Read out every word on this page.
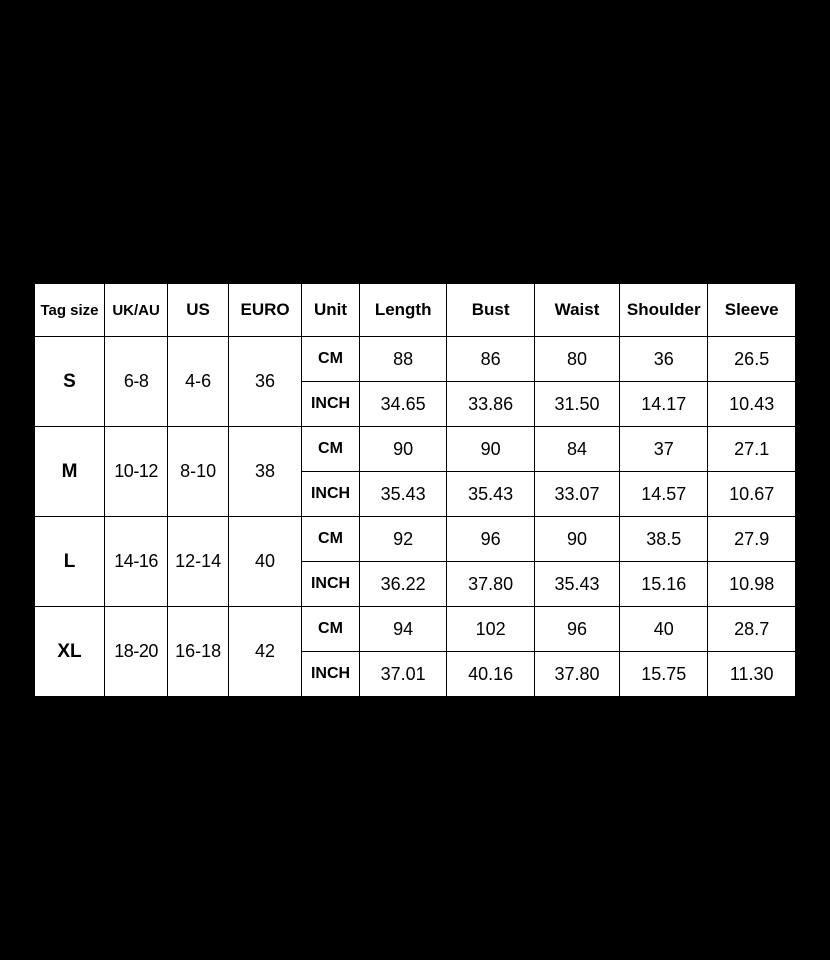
Tag size	UK/AU	US	EURO	Unit	Length	Bust	Waist	Shoulder	Sleeve
S	6-8	4-6	36	CM	88	86	80	36	26.5
				INCH	34.65	33.86	31.50	14.17	10.43
M	10-12	8-10	38	CM	90	90	84	37	27.1
				INCH	35.43	35.43	33.07	14.57	10.67
L	14-16	12-14	40	CM	92	96	90	38.5	27.9
				INCH	36.22	37.80	35.43	15.16	10.98
XL	18-20	16-18	42	CM	94	102	96	40	28.7
				INCH	37.01	40.16	37.80	15.75	11.30
